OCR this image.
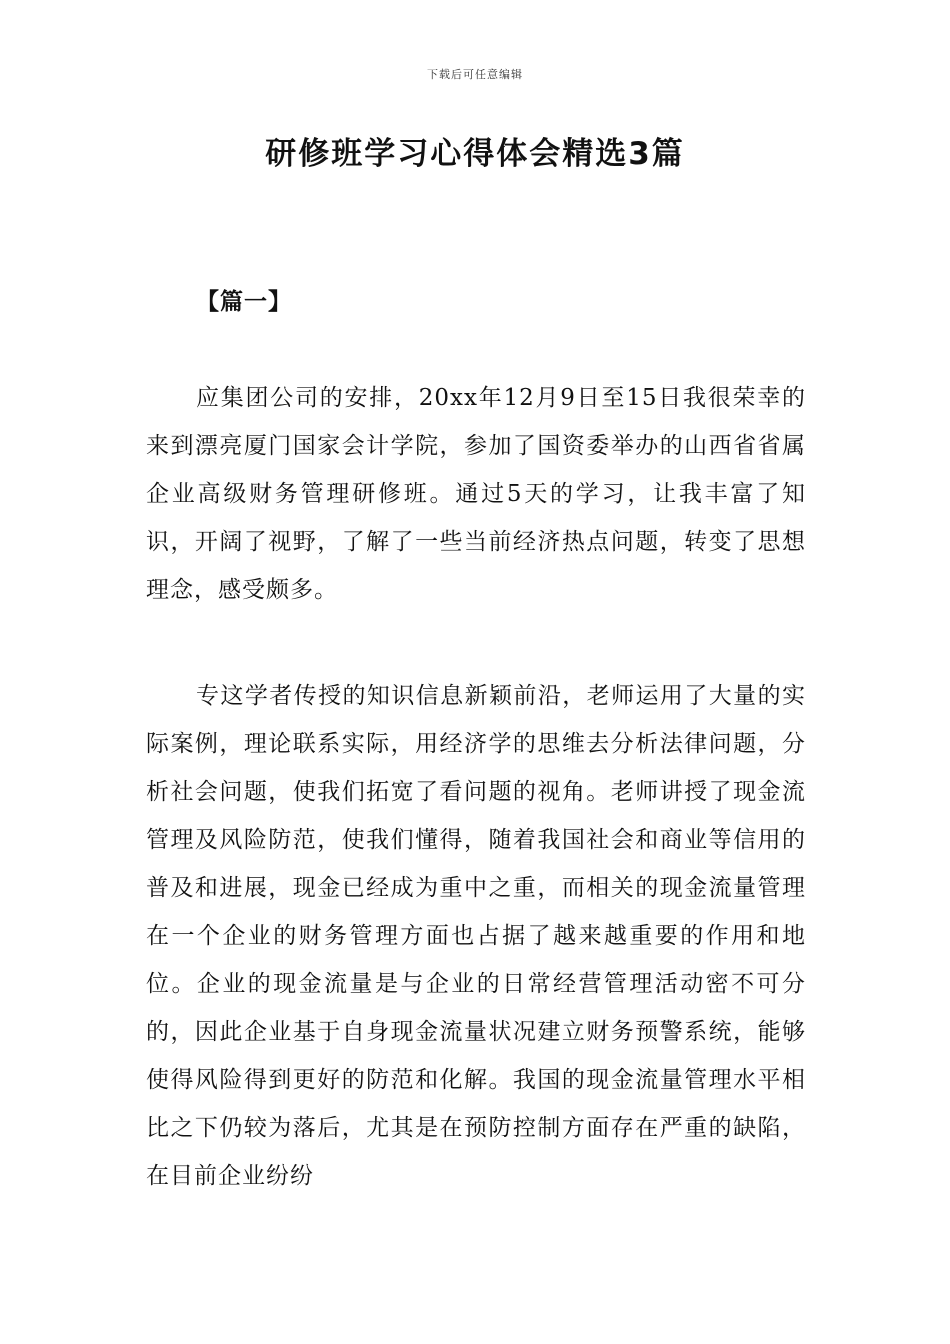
下载后可任意编辑
研修班学习心得体会精选3篇
【篇一】

应集团公司的安排，20xx年12月9日至15日我很荣幸的来到漂亮厦门国家会计学院，参加了国资委举办的山西省省属企业高级财务管理研修班。通过5天的学习，让我丰富了知识，开阔了视野，了解了一些当前经济热点问题，转变了思想理念，感受颇多。

专这学者传授的知识信息新颖前沿，老师运用了大量的实际案例，理论联系实际，用经济学的思维去分析法律问题，分析社会问题，使我们拓宽了看问题的视角。老师讲授了现金流管理及风险防范，使我们懂得，随着我国社会和商业等信用的普及和进展，现金已经成为重中之重，而相关的现金流量管理在一个企业的财务管理方面也占据了越来越重要的作用和地位。企业的现金流量是与企业的日常经营管理活动密不可分的，因此企业基于自身现金流量状况建立财务预警系统，能够使得风险得到更好的防范和化解。我国的现金流量管理水平相比之下仍较为落后，尤其是在预防控制方面存在严重的缺陷，在目前企业纷纷
